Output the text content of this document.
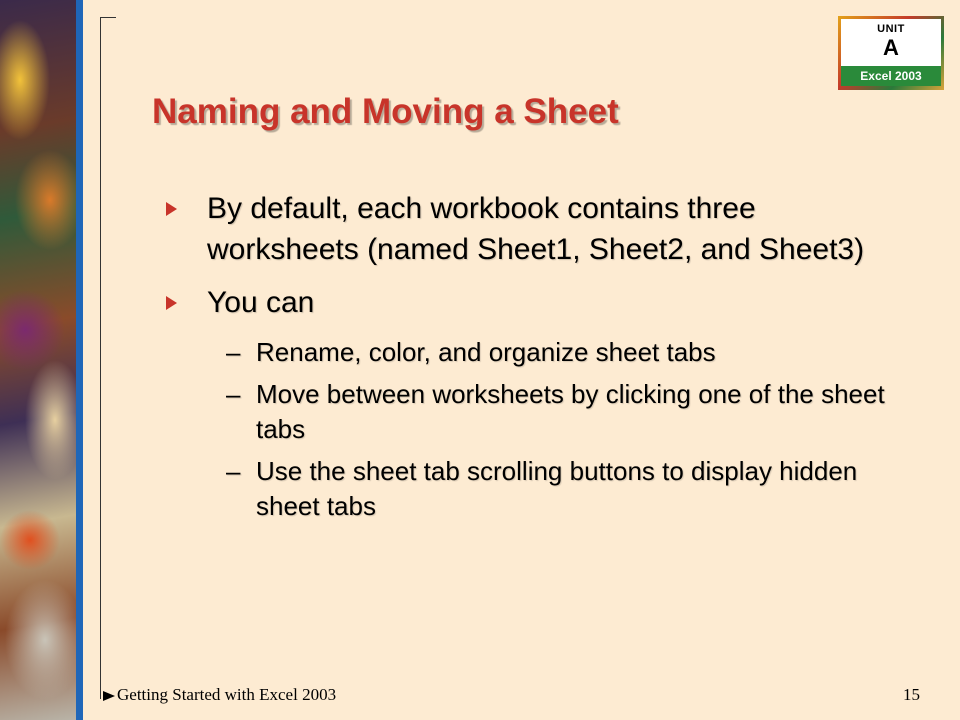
UNIT
A
Excel 2003
Naming and Moving a Sheet
By default, each workbook contains three worksheets (named Sheet1, Sheet2, and Sheet3)
You can
– Rename, color, and organize sheet tabs
– Move between worksheets by clicking one of the sheet tabs
– Use the sheet tab scrolling buttons to display hidden sheet tabs
Getting Started with Excel 2003	15
